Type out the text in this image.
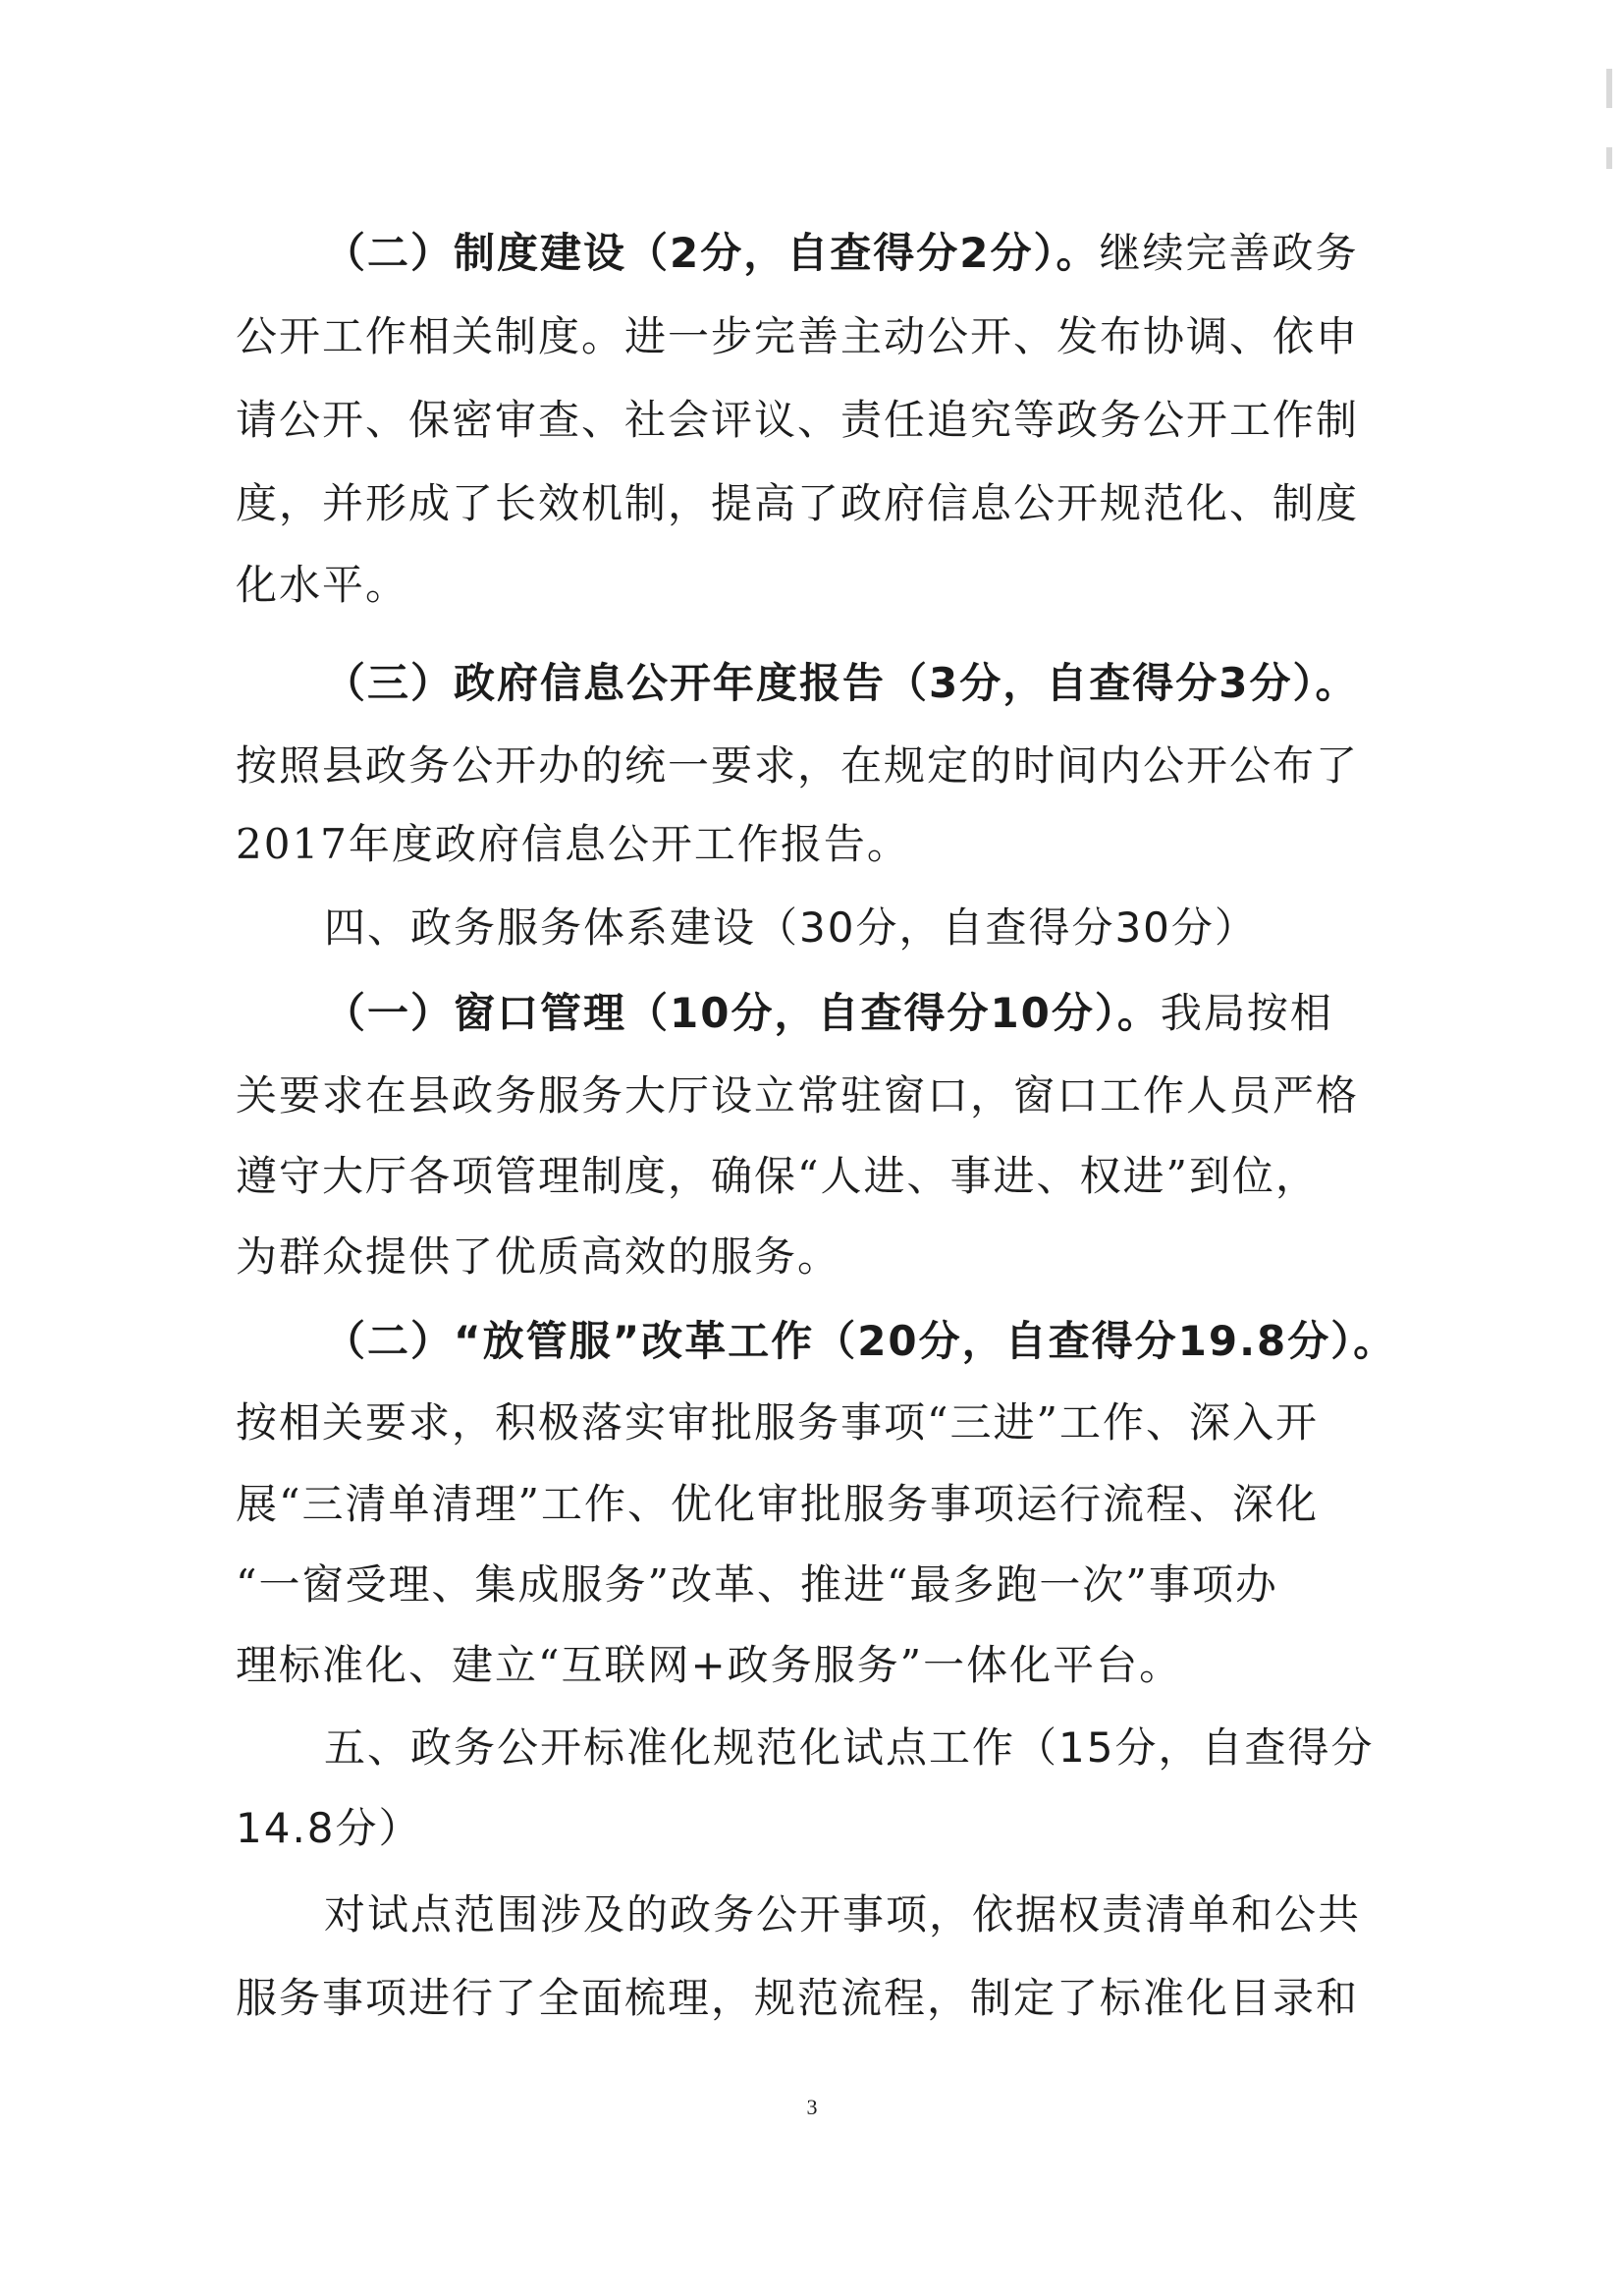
（二）制度建设（2分，自查得分2分）。继续完善政务
公开工作相关制度。进一步完善主动公开、发布协调、依申
请公开、保密审查、社会评议、责任追究等政务公开工作制
度，并形成了长效机制，提高了政府信息公开规范化、制度
化水平。
（三）政府信息公开年度报告（3分，自查得分3分）。
按照县政务公开办的统一要求，在规定的时间内公开公布了
2017年度政府信息公开工作报告。
四、政务服务体系建设（30分，自查得分30分）
（一）窗口管理（10分，自查得分10分）。我局按相
关要求在县政务服务大厅设立常驻窗口，窗口工作人员严格
遵守大厅各项管理制度，确保“人进、事进、权进”到位，
为群众提供了优质高效的服务。
（二）“放管服”改革工作（20分，自查得分19.8分）。
按相关要求，积极落实审批服务事项“三进”工作、深入开
展“三清单清理”工作、优化审批服务事项运行流程、深化
“一窗受理、集成服务”改革、推进“最多跑一次”事项办
理标准化、建立“互联网+政务服务”一体化平台。
五、政务公开标准化规范化试点工作（15分，自查得分
14.8分）
对试点范围涉及的政务公开事项，依据权责清单和公共
服务事项进行了全面梳理，规范流程，制定了标准化目录和
3
